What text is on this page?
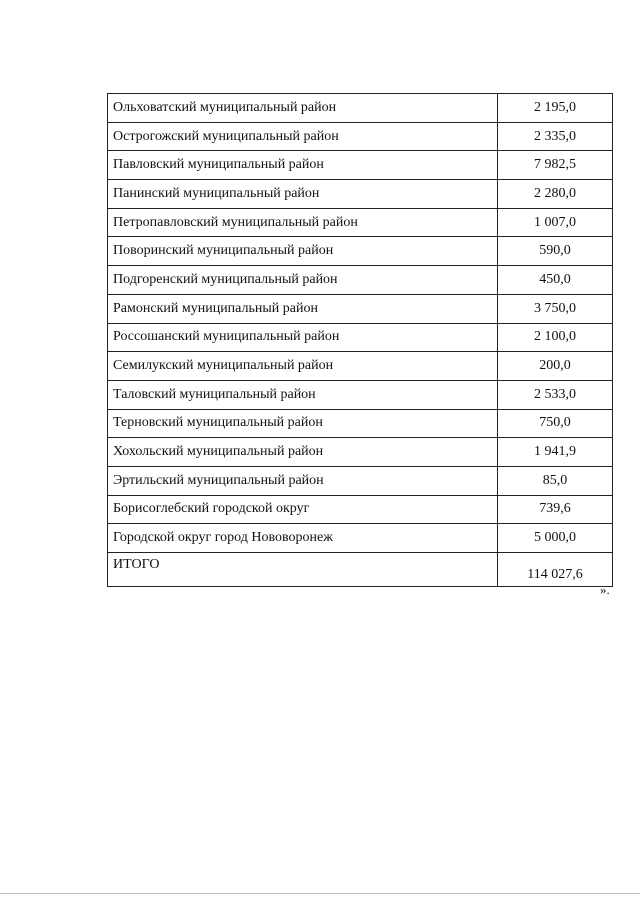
Ольховатский муниципальный район	2 195,0
Острогожский муниципальный район	2 335,0
Павловский муниципальный район	7 982,5
Панинский муниципальный район	2 280,0
Петропавловский муниципальный район	1 007,0
Поворинский муниципальный район	590,0
Подгоренский муниципальный район	450,0
Рамонский муниципальный район	3 750,0
Россошанский муниципальный район	2 100,0
Семилукский муниципальный район	200,0
Таловский муниципальный район	2 533,0
Терновский муниципальный район	750,0
Хохольский муниципальный район	1 941,9
Эртильский муниципальный район	85,0
Борисоглебский городской округ	739,6
Городской округ город Нововоронеж	5 000,0
ИТОГО	114 027,6
».
